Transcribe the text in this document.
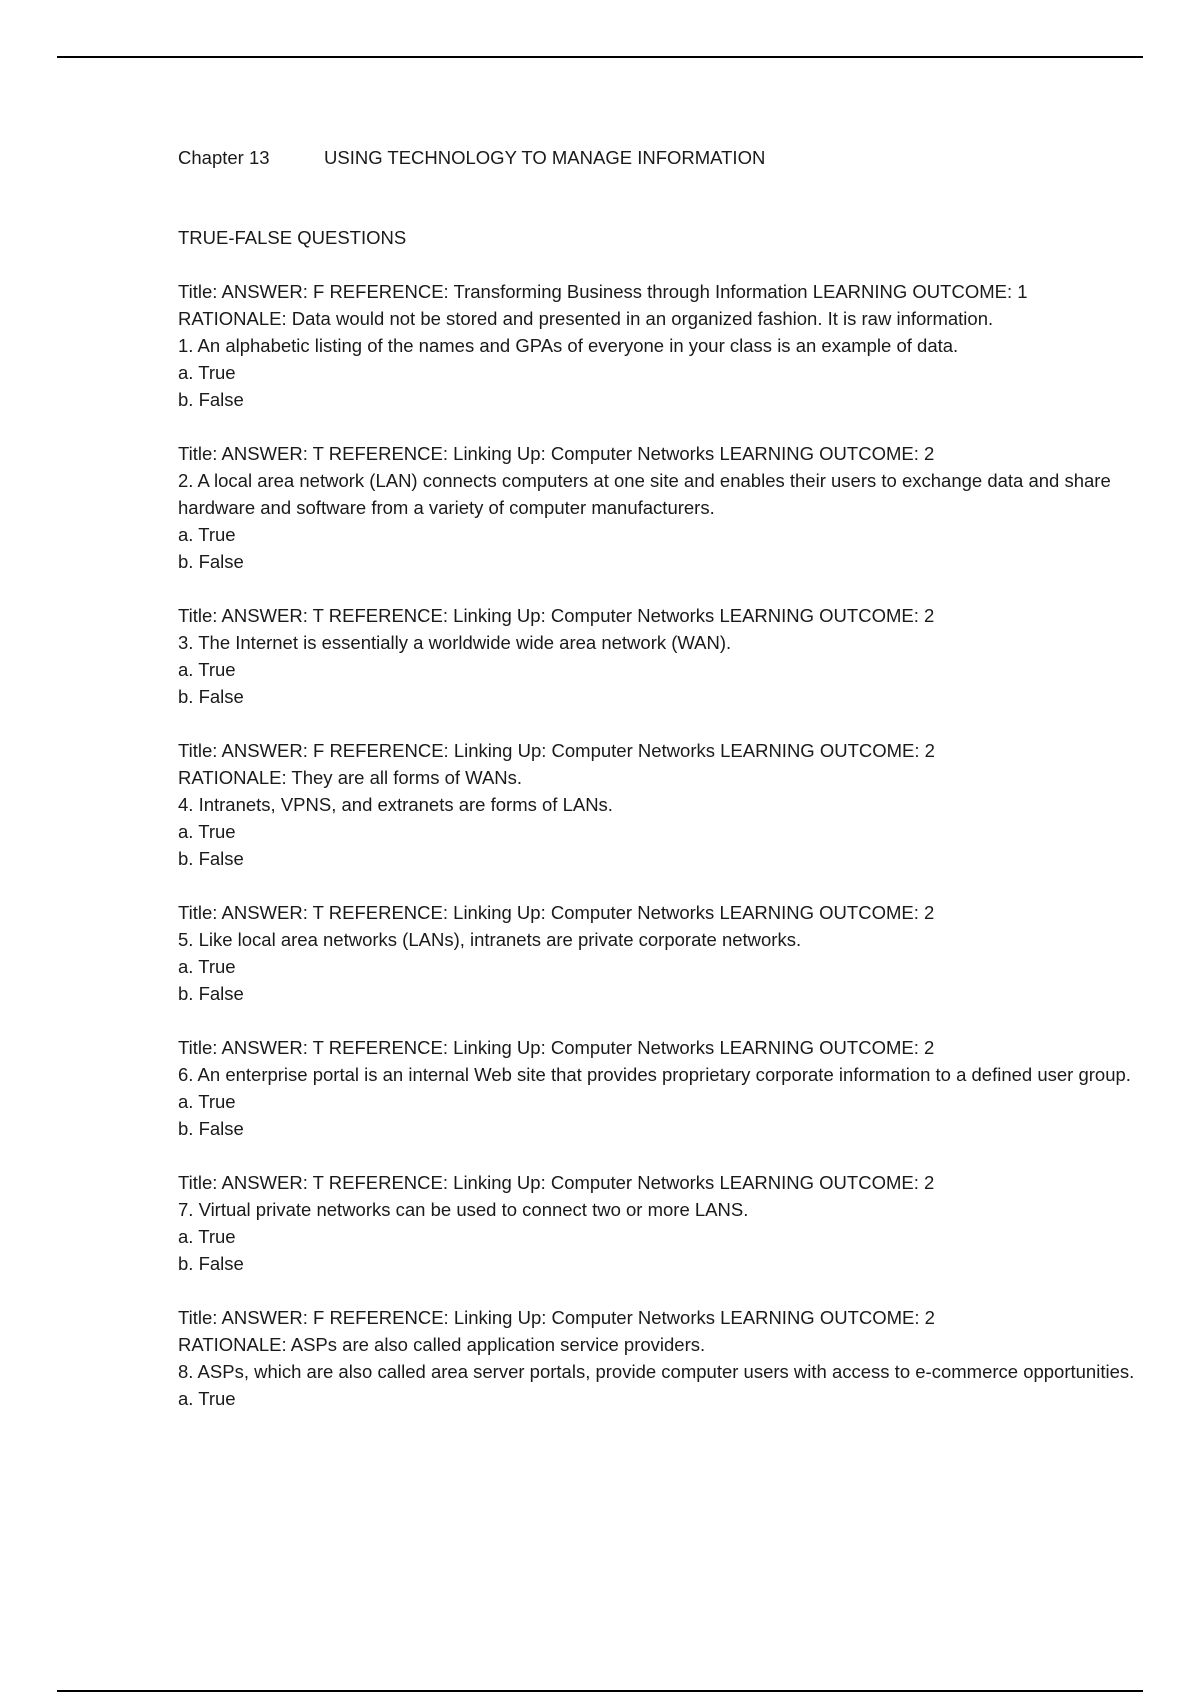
Chapter 13	USING TECHNOLOGY TO MANAGE INFORMATION
TRUE-FALSE QUESTIONS
Title: ANSWER: F REFERENCE: Transforming Business through Information LEARNING OUTCOME: 1
RATIONALE: Data would not be stored and presented in an organized fashion. It is raw information.
1. An alphabetic listing of the names and GPAs of everyone in your class is an example of data.
a. True
b. False
Title: ANSWER: T REFERENCE: Linking Up: Computer Networks LEARNING OUTCOME: 2
2. A local area network (LAN) connects computers at one site and enables their users to exchange data and share hardware and software from a variety of computer manufacturers.
a. True
b. False
Title: ANSWER: T REFERENCE: Linking Up: Computer Networks LEARNING OUTCOME: 2
3. The Internet is essentially a worldwide wide area network (WAN).
a. True
b. False
Title: ANSWER: F REFERENCE: Linking Up: Computer Networks LEARNING OUTCOME: 2
RATIONALE: They are all forms of WANs.
4. Intranets, VPNS, and extranets are forms of LANs.
a. True
b. False
Title: ANSWER: T REFERENCE: Linking Up: Computer Networks LEARNING OUTCOME: 2
5. Like local area networks (LANs), intranets are private corporate networks.
a. True
b. False
Title: ANSWER: T REFERENCE: Linking Up: Computer Networks LEARNING OUTCOME: 2
6. An enterprise portal is an internal Web site that provides proprietary corporate information to a defined user group.
a. True
b. False
Title: ANSWER: T REFERENCE: Linking Up: Computer Networks LEARNING OUTCOME: 2
7. Virtual private networks can be used to connect two or more LANS.
a. True
b. False
Title: ANSWER: F REFERENCE: Linking Up: Computer Networks LEARNING OUTCOME: 2
RATIONALE: ASPs are also called application service providers.
8. ASPs, which are also called area server portals, provide computer users with access to e-commerce opportunities.
a. True
